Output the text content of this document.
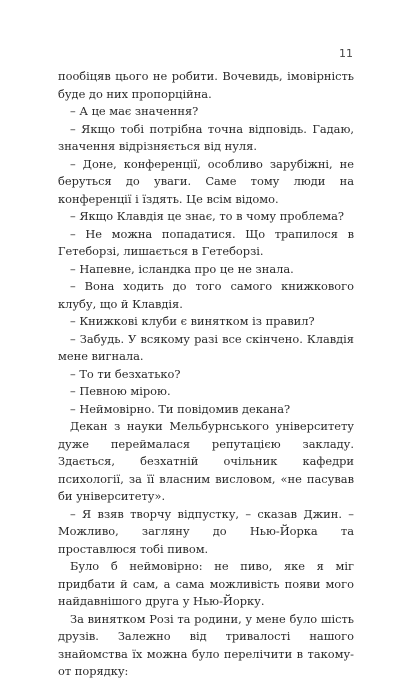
11

пообіцяв цього не робити. Вочевидь, імовірність буде до них пропорційна.

– А це має значення?

– Якщо тобі потрібна точна відповідь. Гадаю, значення відрізняється від нуля.

– Доне, конференції, особливо зарубіжні, не беруться до уваги. Саме тому люди на конференції і їздять. Це всім відомо.

– Якщо Клавдія це знає, то в чому проблема?

– Не можна попадатися. Що трапилося в Гетеборзі, лишається в Гетеборзі.

– Напевне, ісландка про це не знала.

– Вона ходить до того самого книжкового клубу, що й Клавдія.

– Книжкові клуби є винятком із правил?

– Забудь. У всякому разі все скінчено. Клавдія мене вигнала.

– То ти безхатько?

– Певною мірою.

– Неймовірно. Ти повідомив декана?

Декан з науки Мельбурнського університету дуже переймалася репутацією закладу. Здається, безхатній очільник кафедри психології, за її власним висловом, «не пасував би університету».

– Я взяв творчу відпустку, – сказав Джин. – Можливо, загляну до Нью-Йорка та проставлюся тобі пивом.

Було б неймовірно: не пиво, яке я міг придбати й сам, а сама можливість появи мого найдавнішого друга у Нью-Йорку.

За винятком Розі та родини, у мене було шість друзів. Залежно від тривалості нашого знайомства їх можна було перелічити в такому-от порядку:
